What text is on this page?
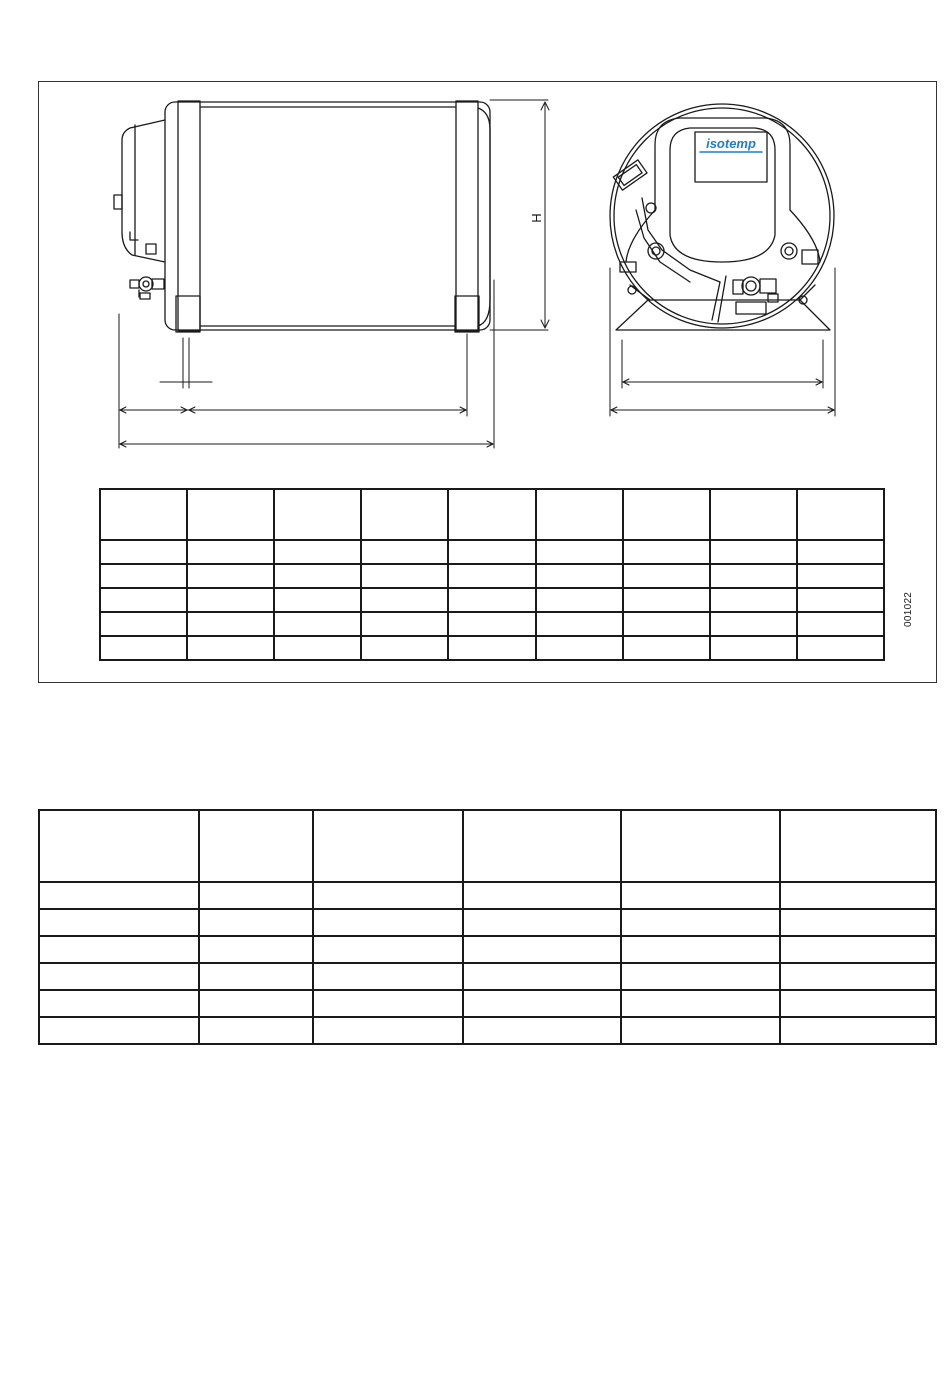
H
isotemp

001022
